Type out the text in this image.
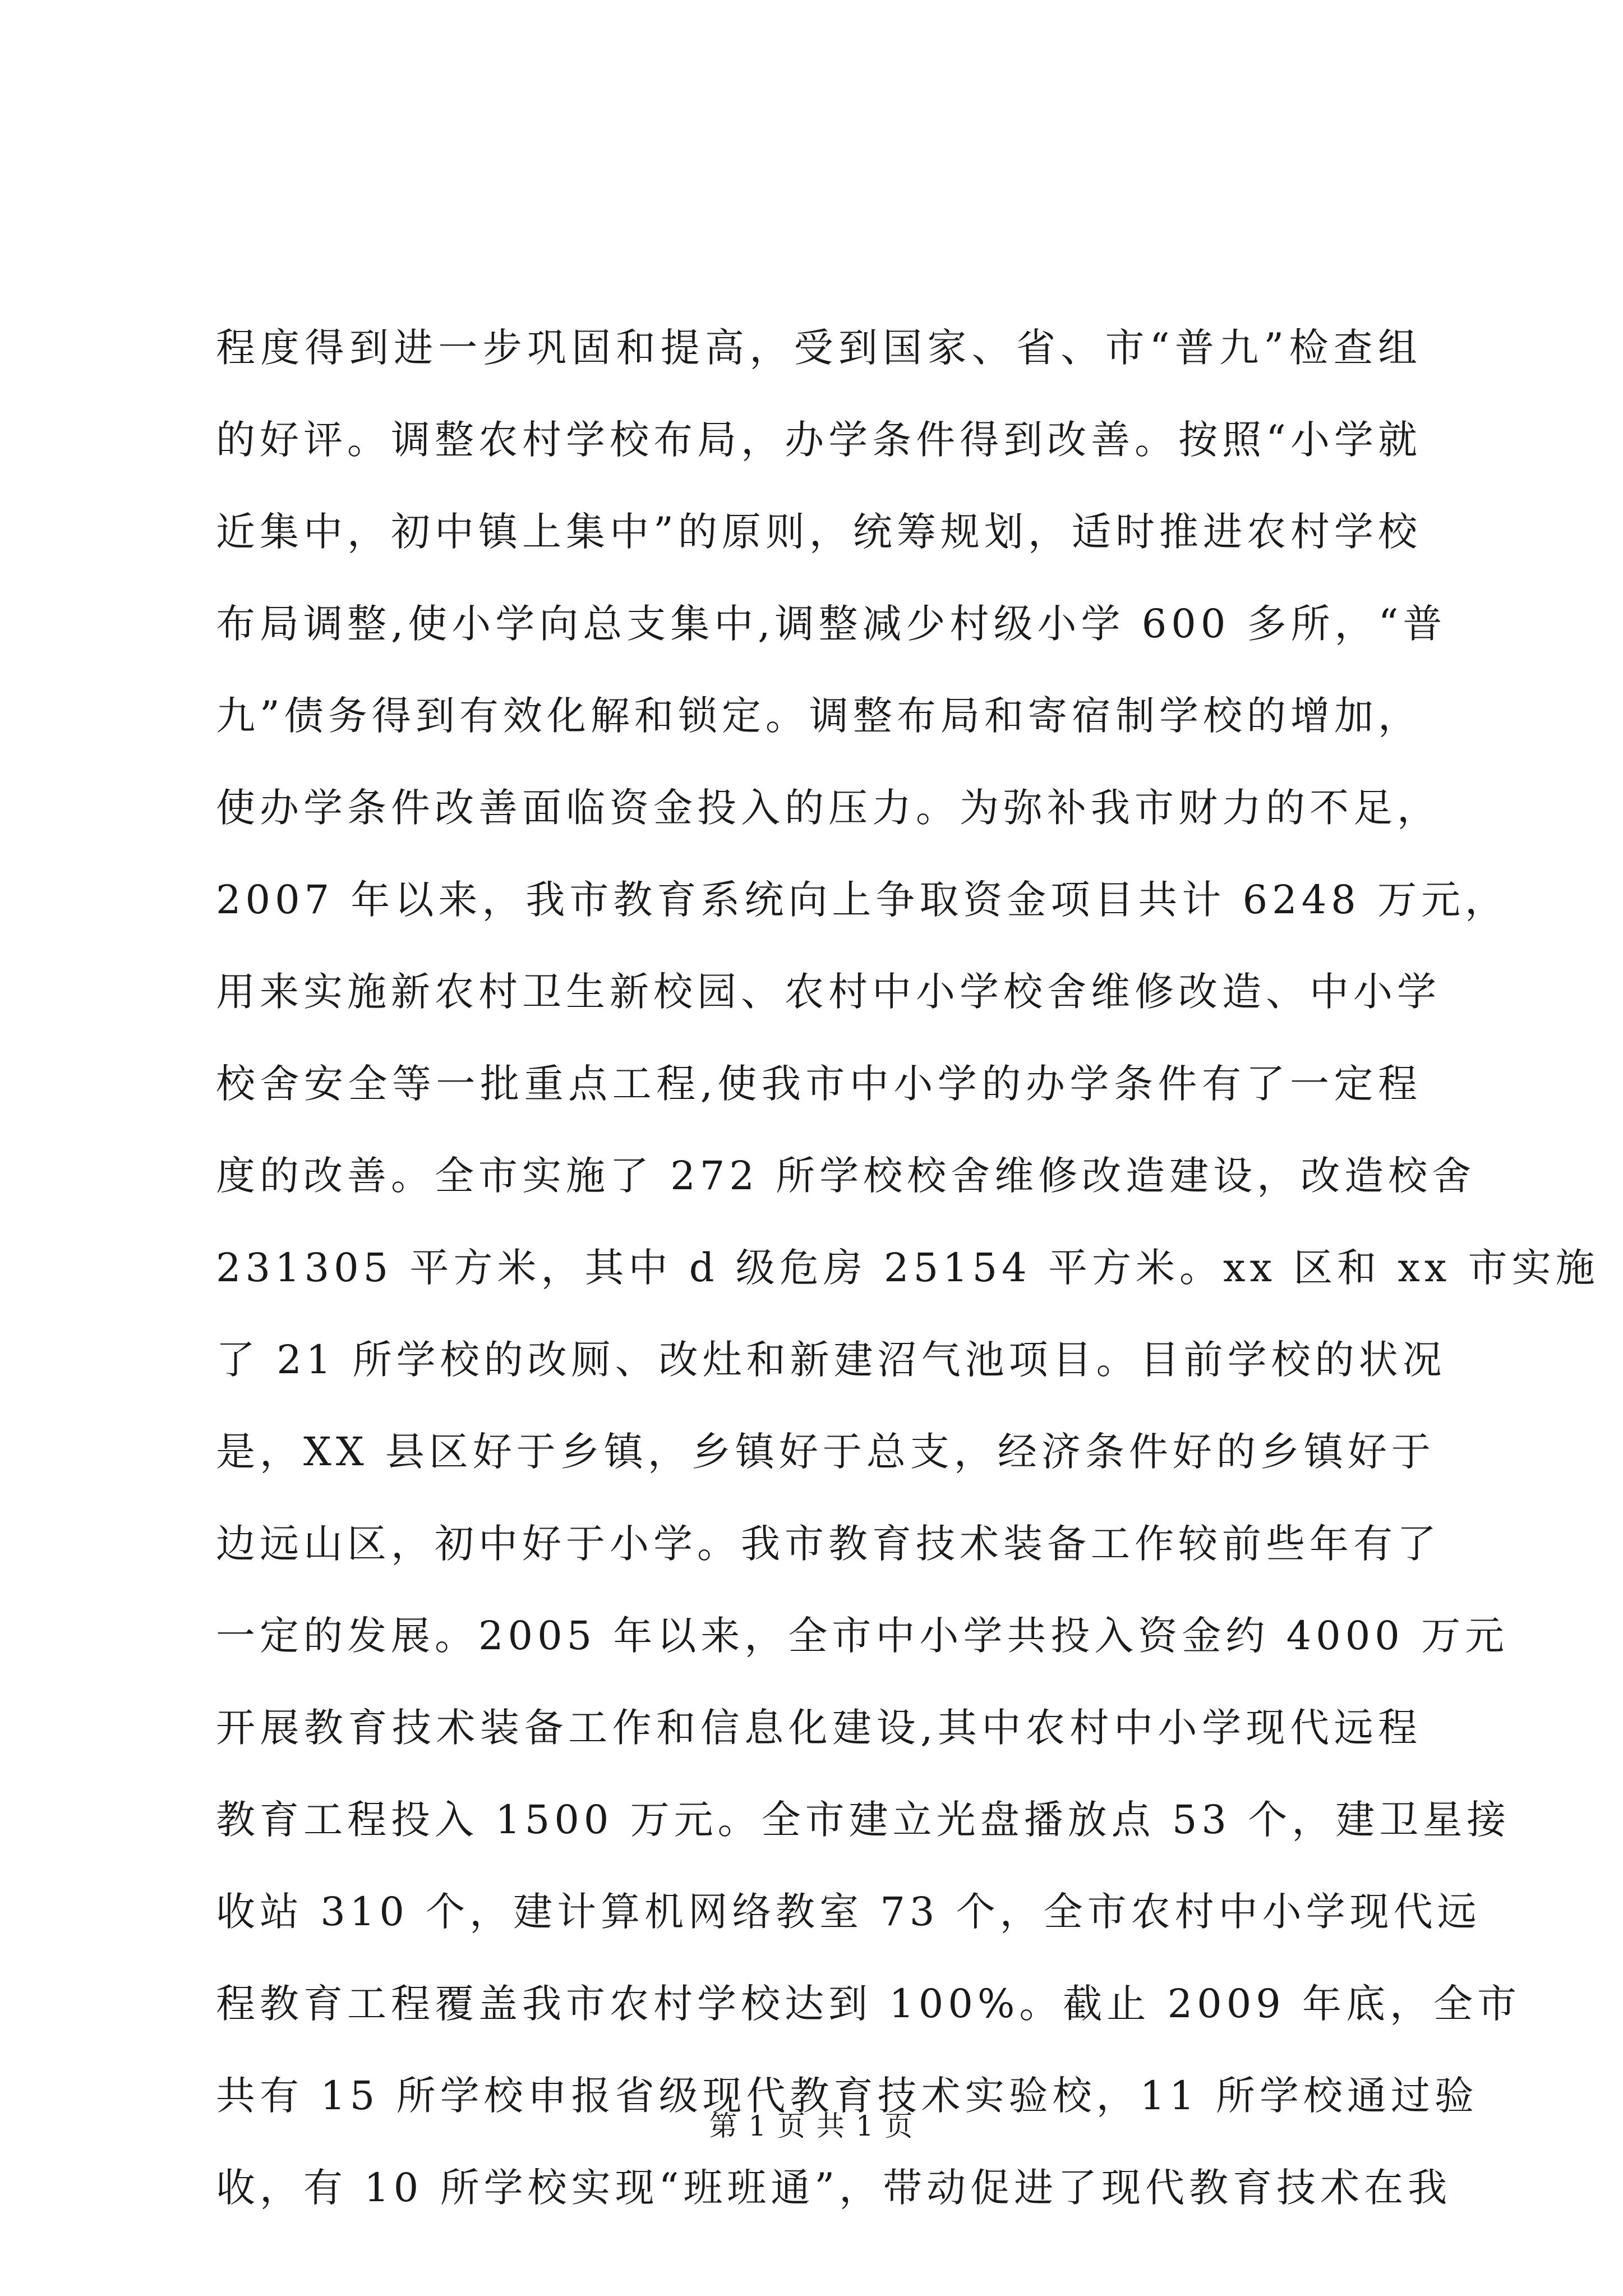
程度得到进一步巩固和提高，受到国家、省、市“普九”检查组
的好评。调整农村学校布局，办学条件得到改善。按照“小学就
近集中，初中镇上集中”的原则，统筹规划，适时推进农村学校
布局调整,使小学向总支集中,调整减少村级小学 600 多所，“普
九”债务得到有效化解和锁定。调整布局和寄宿制学校的增加，
使办学条件改善面临资金投入的压力。为弥补我市财力的不足，
2007 年以来，我市教育系统向上争取资金项目共计 6248 万元，
用来实施新农村卫生新校园、农村中小学校舍维修改造、中小学
校舍安全等一批重点工程,使我市中小学的办学条件有了一定程
度的改善。全市实施了 272 所学校校舍维修改造建设，改造校舍
231305 平方米，其中 d 级危房 25154 平方米。xx 区和 xx 市实施
了 21 所学校的改厕、改灶和新建沼气池项目。目前学校的状况
是，XX 县区好于乡镇，乡镇好于总支，经济条件好的乡镇好于
边远山区，初中好于小学。我市教育技术装备工作较前些年有了
一定的发展。2005 年以来，全市中小学共投入资金约 4000 万元
开展教育技术装备工作和信息化建设,其中农村中小学现代远程
教育工程投入 1500 万元。全市建立光盘播放点 53 个，建卫星接
收站 310 个，建计算机网络教室 73 个，全市农村中小学现代远
程教育工程覆盖我市农村学校达到 100%。截止 2009 年底，全市
共有 15 所学校申报省级现代教育技术实验校，11 所学校通过验
收，有 10 所学校实现“班班通”，带动促进了现代教育技术在我
第 1 页 共 1 页
